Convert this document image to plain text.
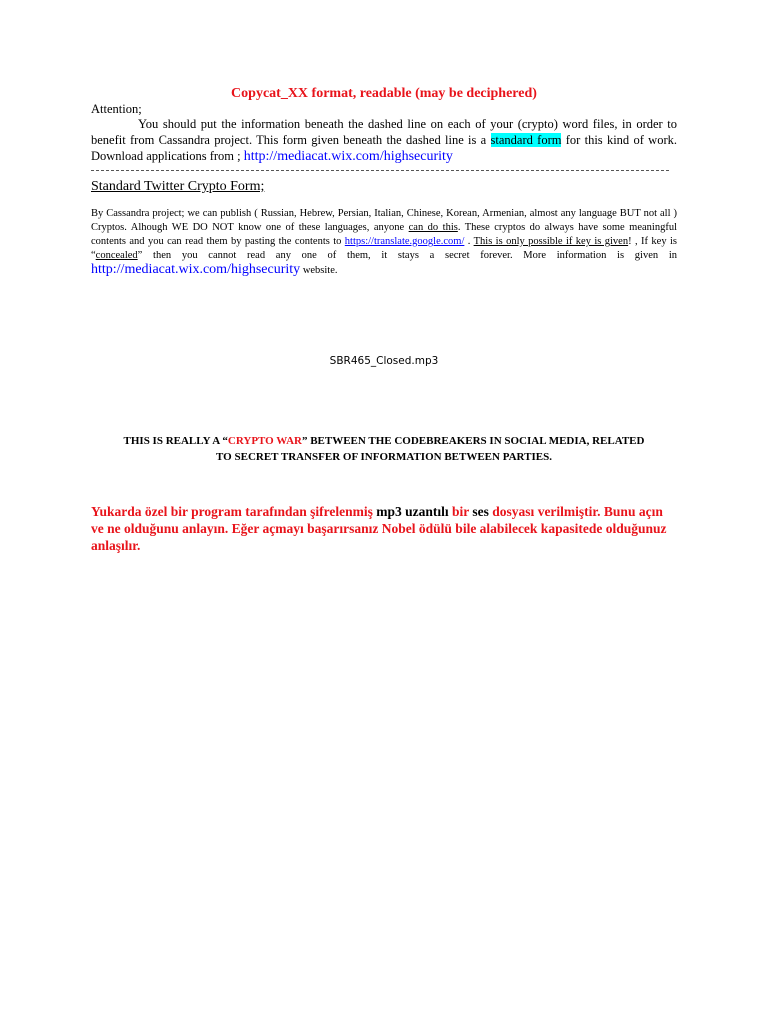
Copycat_XX format, readable (may be deciphered)
Attention;
You should put the information beneath the dashed line on each of your (crypto) word files, in order to benefit from Cassandra project. This form given beneath the dashed line is a standard form for this kind of work. Download applications from ; http://mediacat.wix.com/highsecurity
Standard Twitter Crypto Form;
By Cassandra project; we can publish ( Russian, Hebrew, Persian, Italian, Chinese, Korean, Armenian, almost any language BUT not all ) Cryptos. Alhough WE DO NOT know one of these languages, anyone can do this. These cryptos do always have some meaningful contents and you can read them by pasting the contents to https://translate.google.com/ . This is only possible if key is given! , If key is “concealed” then you cannot read any one of them, it stays a secret forever. More information is given in http://mediacat.wix.com/highsecurity website.
SBR465_Closed.mp3
THIS IS REALLY A “CRYPTO WAR” BETWEEN THE CODEBREAKERS IN SOCIAL MEDIA, RELATED TO SECRET TRANSFER OF INFORMATION BETWEEN PARTIES.
Yukarda özel bir program tarafından şifrelenmiş mp3 uzantılı bir ses dosyası verilmiştir. Bunu açın ve ne olduğunu anlayın. Eğer açmayı başarırsanız Nobel ödülü bile alabilecek kapasitede olduğunuz anlaşılır.
